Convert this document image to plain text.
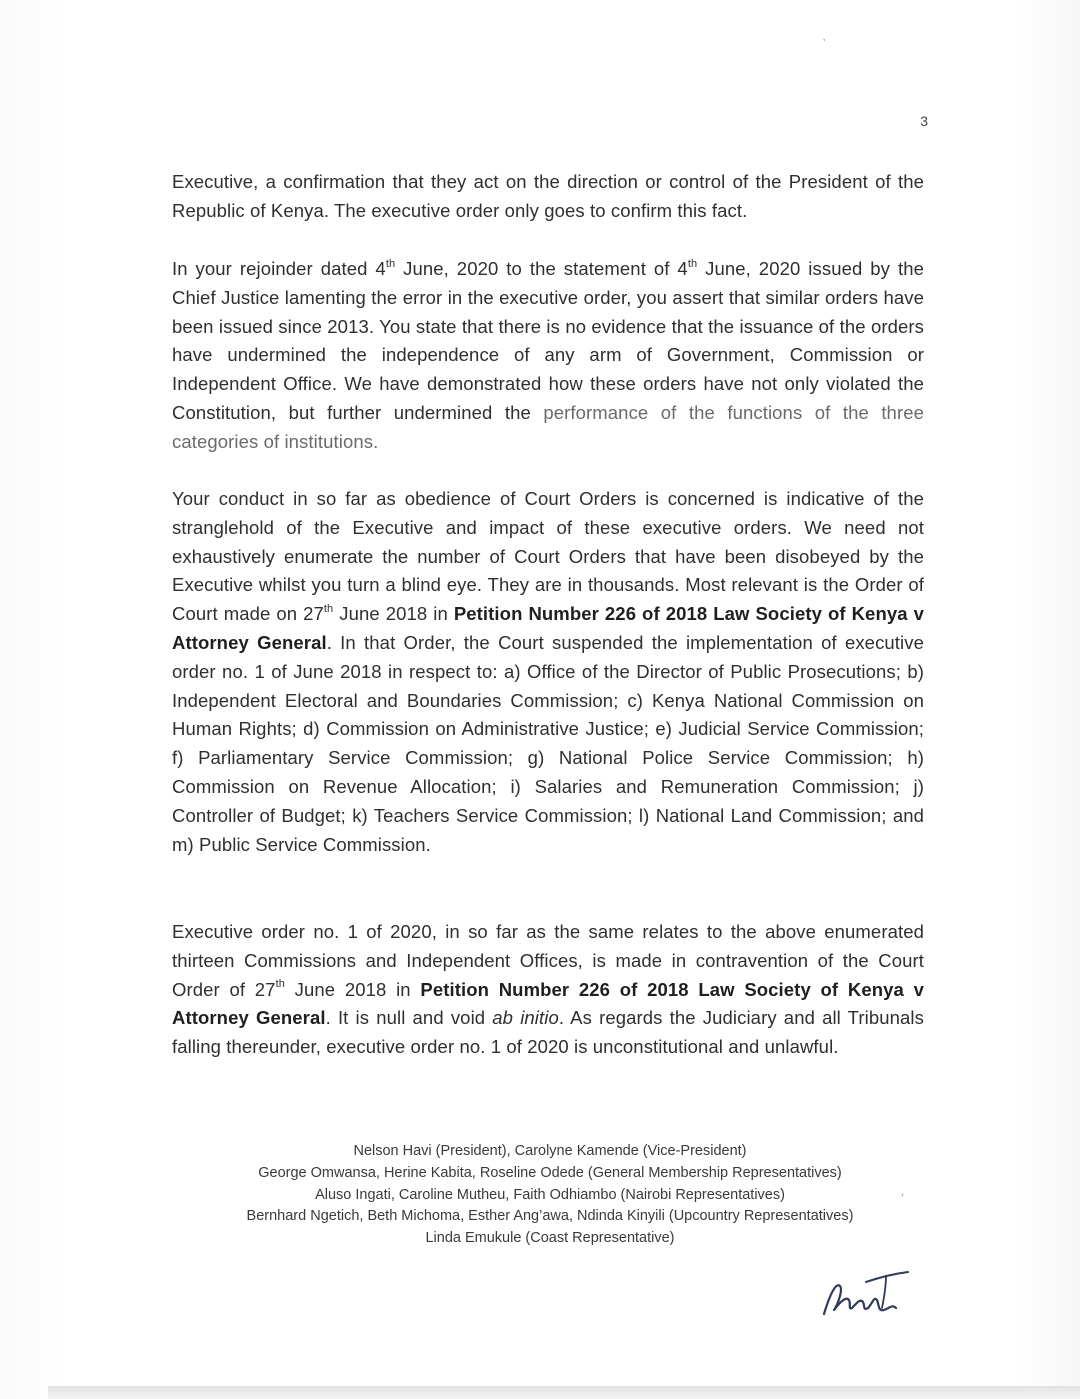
’
,
3

Executive, a confirmation that they act on the direction or control of the President of the Republic of Kenya. The executive order only goes to confirm this fact.

In your rejoinder dated 4th June, 2020 to the statement of 4th June, 2020 issued by the Chief Justice lamenting the error in the executive order, you assert that similar orders have been issued since 2013. You state that there is no evidence that the issuance of the orders have undermined the independence of any arm of Government, Commission or Independent Office. We have demonstrated how these orders have not only violated the Constitution, but further undermined the performance of the functions of the three categories of institutions.

Your conduct in so far as obedience of Court Orders is concerned is indicative of the stranglehold of the Executive and impact of these executive orders. We need not exhaustively enumerate the number of Court Orders that have been disobeyed by the Executive whilst you turn a blind eye. They are in thousands. Most relevant is the Order of Court made on 27th June 2018 in Petition Number 226 of 2018 Law Society of Kenya v Attorney General. In that Order, the Court suspended the implementation of executive order no. 1 of June 2018 in respect to: a) Office of the Director of Public Prosecutions; b) Independent Electoral and Boundaries Commission; c) Kenya National Commission on Human Rights; d) Commission on Administrative Justice; e) Judicial Service Commission; f) Parliamentary Service Commission; g) National Police Service Commission; h) Commission on Revenue Allocation; i) Salaries and Remuneration Commission; j) Controller of Budget; k) Teachers Service Commission; l) National Land Commission; and m) Public Service Commission.

Executive order no. 1 of 2020, in so far as the same relates to the above enumerated thirteen Commissions and Independent Offices, is made in contravention of the Court Order of 27th June 2018 in Petition Number 226 of 2018 Law Society of Kenya v Attorney General. It is null and void ab initio. As regards the Judiciary and all Tribunals falling thereunder, executive order no. 1 of 2020 is unconstitutional and unlawful.

Nelson Havi (President), Carolyne Kamende (Vice-President)
George Omwansa, Herine Kabita, Roseline Odede (General Membership Representatives)
Aluso Ingati, Caroline Mutheu, Faith Odhiambo (Nairobi Representatives)
Bernhard Ngetich, Beth Michoma, Esther Ang’awa, Ndinda Kinyili (Upcountry Representatives)
Linda Emukule (Coast Representative)
